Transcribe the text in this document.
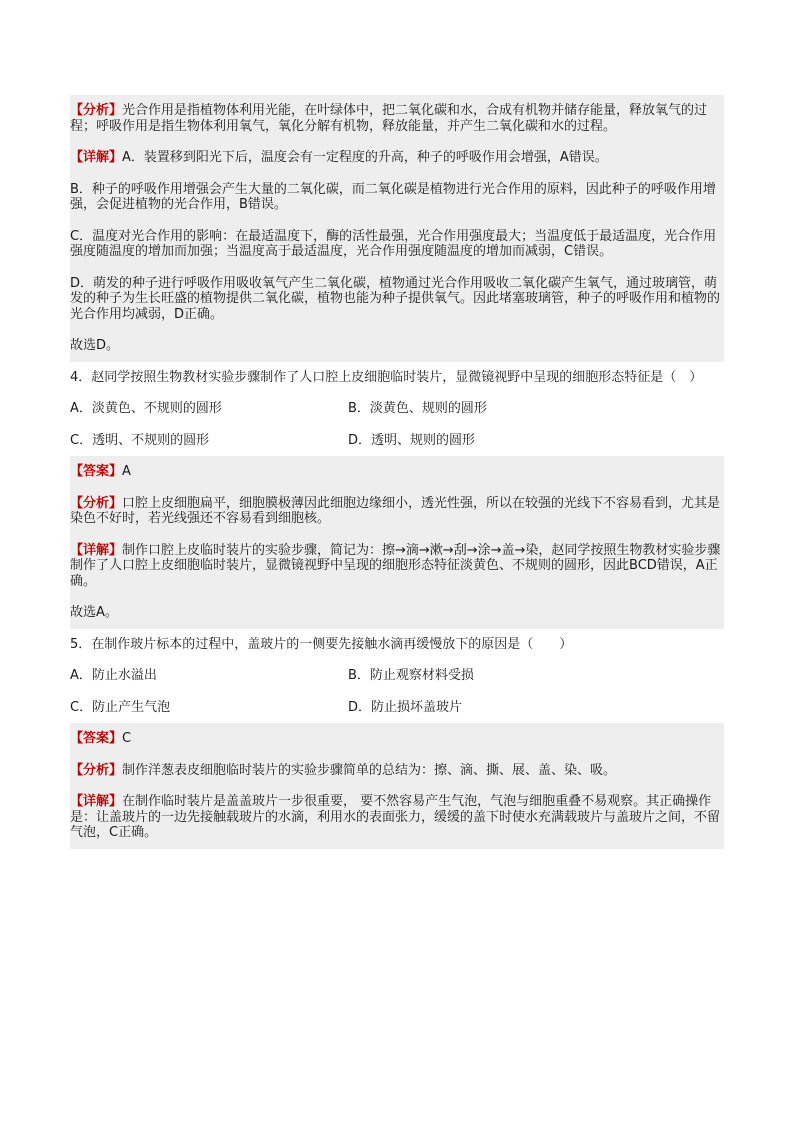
【分析】光合作用是指植物体利用光能，在叶绿体中，把二氧化碳和水，合成有机物并储存能量，释放氧气的过程；呼吸作用是指生物体利用氧气，氧化分解有机物，释放能量，并产生二氧化碳和水的过程。

【详解】A．装置移到阳光下后，温度会有一定程度的升高，种子的呼吸作用会增强，A错误。

B．种子的呼吸作用增强会产生大量的二氧化碳，而二氧化碳是植物进行光合作用的原料，因此种子的呼吸作用增强，会促进植物的光合作用，B错误。

C．温度对光合作用的影响：在最适温度下，酶的活性最强，光合作用强度最大；当温度低于最适温度，光合作用强度随温度的增加而加强；当温度高于最适温度，光合作用强度随温度的增加而减弱，C错误。

D．萌发的种子进行呼吸作用吸收氧气产生二氧化碳，植物通过光合作用吸收二氧化碳产生氧气，通过玻璃管，萌发的种子为生长旺盛的植物提供二氧化碳，植物也能为种子提供氧气。因此堵塞玻璃管，种子的呼吸作用和植物的光合作用均减弱，D正确。

故选D。

4．赵同学按照生物教材实验步骤制作了人口腔上皮细胞临时装片，显微镜视野中呈现的细胞形态特征是（　）

A．淡黄色、不规则的圆形	B．淡黄色、规则的圆形
C．透明、不规则的圆形	D．透明、规则的圆形

【答案】A

【分析】口腔上皮细胞扁平，细胞膜极薄因此细胞边缘细小，透光性强，所以在较强的光线下不容易看到，尤其是染色不好时，若光线强还不容易看到细胞核。

【详解】制作口腔上皮临时装片的实验步骤，简记为：擦→滴→漱→刮→涂→盖→染，赵同学按照生物教材实验步骤制作了人口腔上皮细胞临时装片，显微镜视野中呈现的细胞形态特征淡黄色、不规则的圆形，因此BCD错误，A正确。

故选A。

5．在制作玻片标本的过程中，盖玻片的一侧要先接触水滴再缓慢放下的原因是（　　）

A．防止水溢出	B．防止观察材料受损
C．防止产生气泡	D．防止损坏盖玻片

【答案】C

【分析】制作洋葱表皮细胞临时装片的实验步骤简单的总结为：擦、滴、撕、展、盖、染、吸。

【详解】在制作临时装片是盖盖玻片一步很重要， 要不然容易产生气泡，气泡与细胞重叠不易观察。其正确操作是：让盖玻片的一边先接触载玻片的水滴，利用水的表面张力，缓缓的盖下时使水充满载玻片与盖玻片之间，不留气泡，C正确。
